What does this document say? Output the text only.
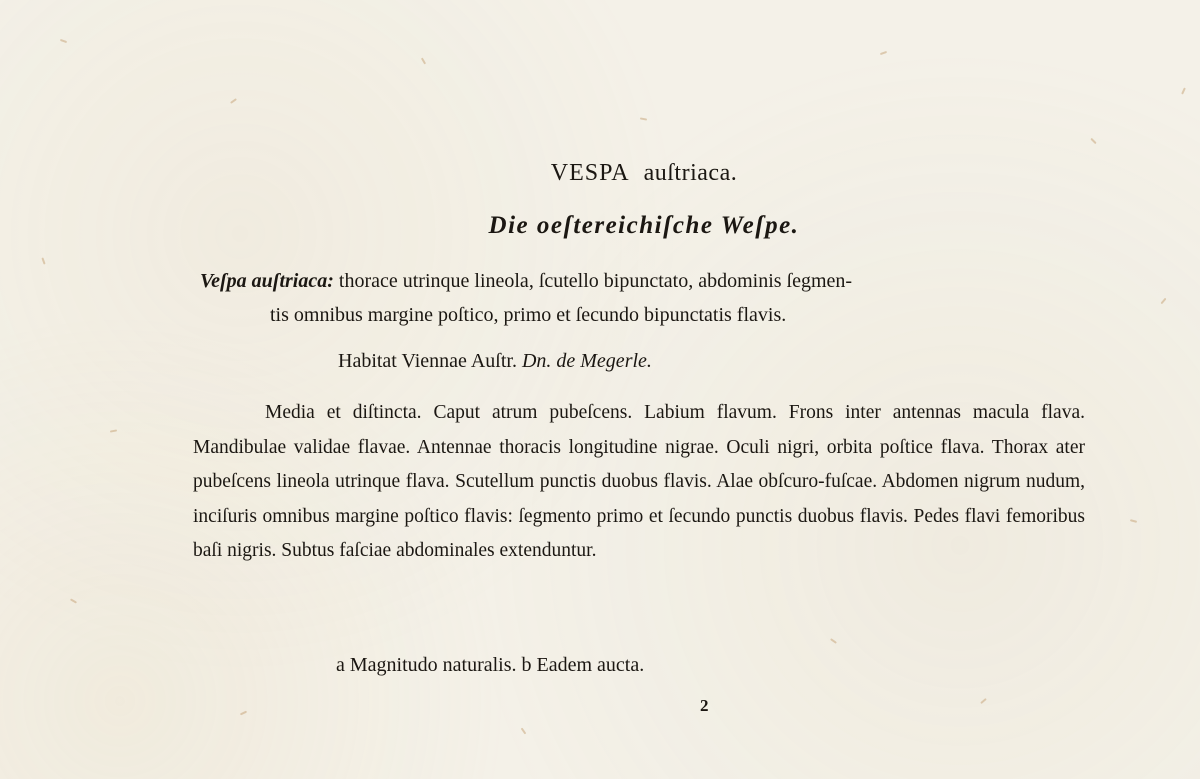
VESPA auſtriaca.
Die oeſtereichiſche Weſpe.
Veſpa auſtriaca: thorace utrinque lineola, ſcutello bipunctato, abdominis ſegmen-
tis omnibus margine poſtico, primo et ſecundo bipunctatis flavis.
Habitat Viennae Auſtr. Dn. de Megerle.
Media et diſtincta. Caput atrum pubeſcens. Labium flavum. Frons inter antennas macula flava. Mandibulae validae flavae. Antennae thoracis longitudine nigrae. Oculi nigri, orbita poſtice flava. Thorax ater pubeſcens lineola utrinque flava. Scutellum punctis duobus flavis. Alae obſcuro-fuſcae. Abdomen nigrum nudum, inciſuris omnibus margine poſtico flavis: ſegmento primo et ſecundo punctis duobus flavis. Pedes flavi femoribus baſi nigris. Subtus faſciae abdominales extenduntur.
a Magnitudo naturalis. b Eadem aucta.
2
